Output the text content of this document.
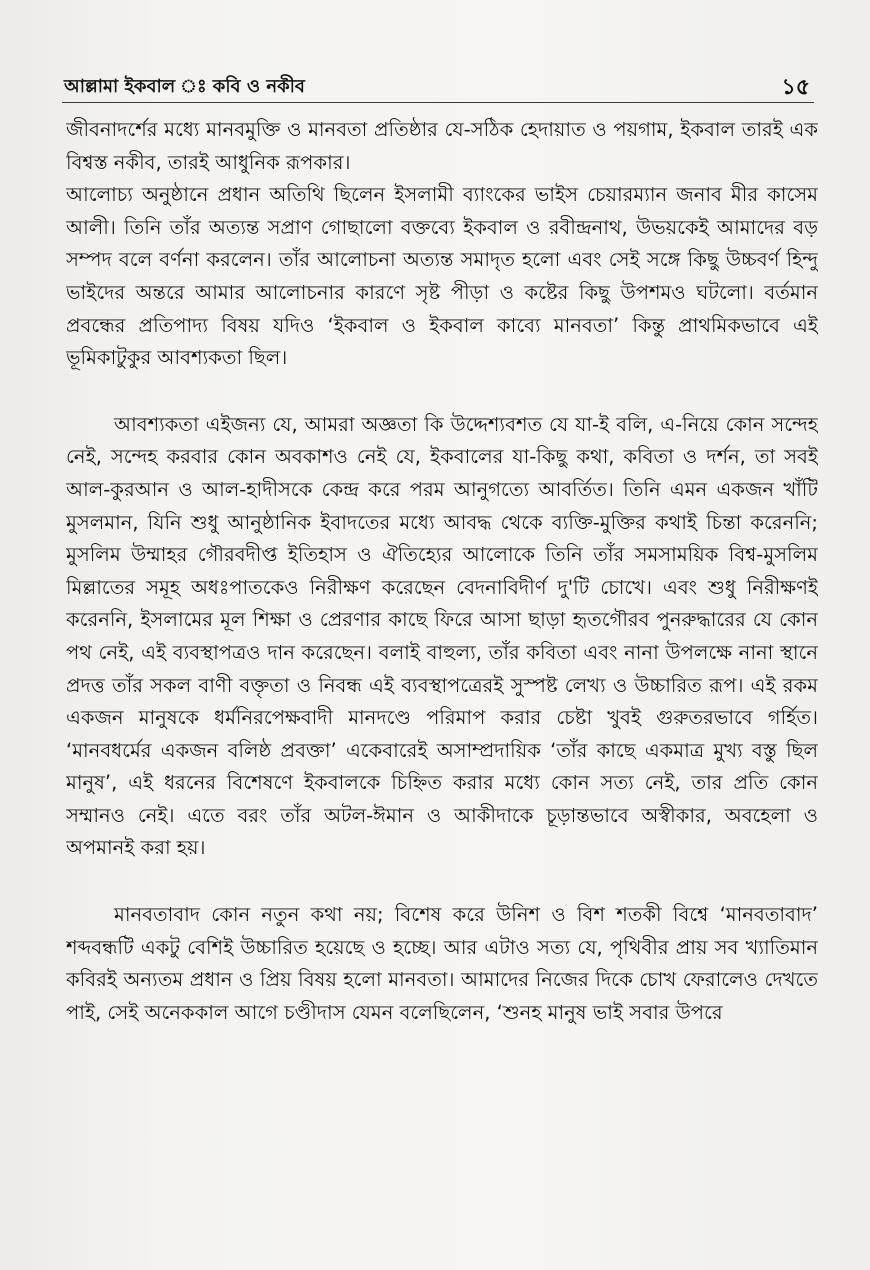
আল্লামা ইকবাল ঃ কবি ও নকীব	১৫

জীবনাদর্শের মধ্যে মানবমুক্তি ও মানবতা প্রতিষ্ঠার যে-সঠিক হেদায়াত ও পয়গাম, ইকবাল তারই এক বিশ্বস্ত নকীব, তারই আধুনিক রূপকার।

আলোচ্য অনুষ্ঠানে প্রধান অতিথি ছিলেন ইসলামী ব্যাংকের ভাইস চেয়ারম্যান জনাব মীর কাসেম আলী। তিনি তাঁর অত্যন্ত সপ্রাণ গোছালো বক্তব্যে ইকবাল ও রবীন্দ্রনাথ, উভয়কেই আমাদের বড় সম্পদ বলে বর্ণনা করলেন। তাঁর আলোচনা অত্যন্ত সমাদৃত হলো এবং সেই সঙ্গে কিছু উচ্চবর্ণ হিন্দু ভাইদের অন্তরে আমার আলোচনার কারণে সৃষ্ট পীড়া ও কষ্টের কিছু উপশমও ঘটলো। বর্তমান প্রবন্ধের প্রতিপাদ্য বিষয় যদিও ‘ইকবাল ও ইকবাল কাব্যে মানবতা’ কিন্তু প্রাথমিকভাবে এই ভূমিকাটুকুর আবশ্যকতা ছিল।

আবশ্যকতা এইজন্য যে, আমরা অজ্ঞতা কি উদ্দেশ্যবশত যে যা-ই বলি, এ-নিয়ে কোন সন্দেহ নেই, সন্দেহ করবার কোন অবকাশও নেই যে, ইকবালের যা-কিছু কথা, কবিতা ও দর্শন, তা সবই আল-কুরআন ও আল-হাদীসকে কেন্দ্র করে পরম আনুগত্যে আবর্তিত। তিনি এমন একজন খাঁটি মুসলমান, যিনি শুধু আনুষ্ঠানিক ইবাদতের মধ্যে আবদ্ধ থেকে ব্যক্তি-মুক্তির কথাই চিন্তা করেননি; মুসলিম উম্মাহর গৌরবদীপ্ত ইতিহাস ও ঐতিহ্যের আলোকে তিনি তাঁর সমসাময়িক বিশ্ব-মুসলিম মিল্লাতের সমূহ অধঃপাতকেও নিরীক্ষণ করেছেন বেদনাবিদীর্ণ দু'টি চোখে। এবং শুধু নিরীক্ষণই করেননি, ইসলামের মূল শিক্ষা ও প্রেরণার কাছে ফিরে আসা ছাড়া হৃতগৌরব পুনরুদ্ধারের যে কোন পথ নেই, এই ব্যবস্থাপত্রও দান করেছেন। বলাই বাহুল্য, তাঁর কবিতা এবং নানা উপলক্ষে নানা স্থানে প্রদত্ত তাঁর সকল বাণী বক্তৃতা ও নিবন্ধ এই ব্যবস্থাপত্রেরই সুস্পষ্ট লেখ্য ও উচ্চারিত রূপ। এই রকম একজন মানুষকে ধর্মনিরপেক্ষবাদী মানদণ্ডে পরিমাপ করার চেষ্টা খুবই গুরুতরভাবে গর্হিত। ‘মানবধর্মের একজন বলিষ্ঠ প্রবক্তা’ একেবারেই অসাম্প্রদায়িক ‘তাঁর কাছে একমাত্র মুখ্য বস্তু ছিল মানুষ’, এই ধরনের বিশেষণে ইকবালকে চিহ্নিত করার মধ্যে কোন সত্য নেই, তার প্রতি কোন সম্মানও নেই। এতে বরং তাঁর অটল-ঈমান ও আকীদাকে চূড়ান্তভাবে অস্বীকার, অবহেলা ও অপমানই করা হয়।

মানবতাবাদ কোন নতুন কথা নয়; বিশেষ করে উনিশ ও বিশ শতকী বিশ্বে ‘মানবতাবাদ’ শব্দবন্ধটি একটু বেশিই উচ্চারিত হয়েছে ও হচ্ছে। আর এটাও সত্য যে, পৃথিবীর প্রায় সব খ্যাতিমান কবিরই অন্যতম প্রধান ও প্রিয় বিষয় হলো মানবতা। আমাদের নিজের দিকে চোখ ফেরালেও দেখতে পাই, সেই অনেককাল আগে চণ্ডীদাস যেমন বলেছিলেন, ‘শুনহ মানুষ ভাই সবার উপরে
